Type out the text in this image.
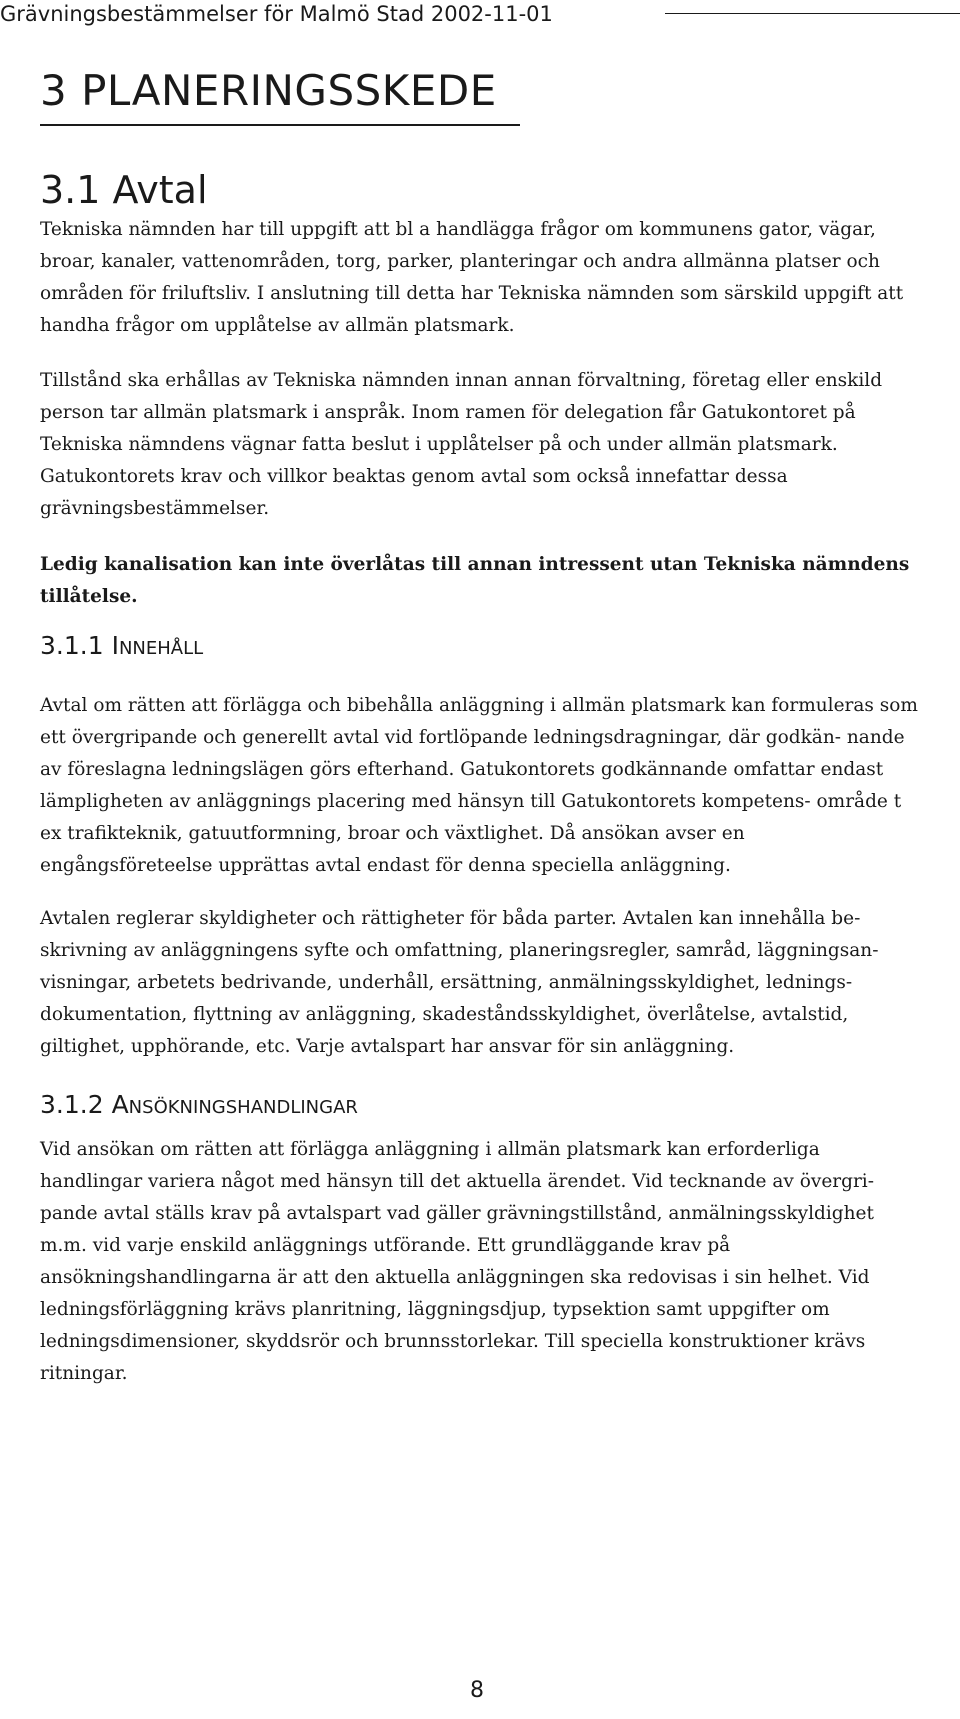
Grävningsbestämmelser för Malmö Stad 2002-11-01
3 PLANERINGSSKEDE
3.1 Avtal

Tekniska nämnden har till uppgift att bl a handlägga frågor om kommunens gator, vägar, broar, kanaler, vattenområden, torg, parker, planteringar och andra allmänna platser och områden för friluftsliv. I anslutning till detta har Tekniska nämnden som särskild uppgift att handha frågor om upplåtelse av allmän platsmark.

Tillstånd ska erhållas av Tekniska nämnden innan annan förvaltning, företag eller enskild person tar allmän platsmark i anspråk. Inom ramen för delegation får Gatukontoret på Tekniska nämndens vägnar fatta beslut i upplåtelser på och under allmän platsmark. Gatukontorets krav och villkor beaktas genom avtal som också innefattar dessa grävningsbestämmelser.

Ledig kanalisation kan inte överlåtas till annan intressent utan Tekniska nämndens tillåtelse.

3.1.1 Innehåll

Avtal om rätten att förlägga och bibehålla anläggning i allmän platsmark kan formuleras som ett övergripande och generellt avtal vid fortlöpande ledningsdragningar, där godkän- nande av föreslagna ledningslägen görs efterhand. Gatukontorets godkännande omfattar endast lämpligheten av anläggnings placering med hänsyn till Gatukontorets kompetens- område t ex trafikteknik, gatuutformning, broar och växtlighet. Då ansökan avser en engångsföreteelse upprättas avtal endast för denna speciella anläggning.

Avtalen reglerar skyldigheter och rättigheter för båda parter. Avtalen kan innehålla be- skrivning av anläggningens syfte och omfattning, planeringsregler, samråd, läggningsan- visningar, arbetets bedrivande, underhåll, ersättning, anmälningsskyldighet, lednings- dokumentation, flyttning av anläggning, skadeståndsskyldighet, överlåtelse, avtalstid, giltighet, upphörande, etc. Varje avtalspart har ansvar för sin anläggning.

3.1.2 Ansökningshandlingar

Vid ansökan om rätten att förlägga anläggning i allmän platsmark kan erforderliga handlingar variera något med hänsyn till det aktuella ärendet. Vid tecknande av övergri- pande avtal ställs krav på avtalspart vad gäller grävningstillstånd, anmälningsskyldighet m.m. vid varje enskild anläggnings utförande. Ett grundläggande krav på ansökningshandlingarna är att den aktuella anläggningen ska redovisas i sin helhet. Vid ledningsförläggning krävs planritning, läggningsdjup, typsektion samt uppgifter om ledningsdimensioner, skyddsrör och brunnsstorlekar. Till speciella konstruktioner krävs ritningar.

8
